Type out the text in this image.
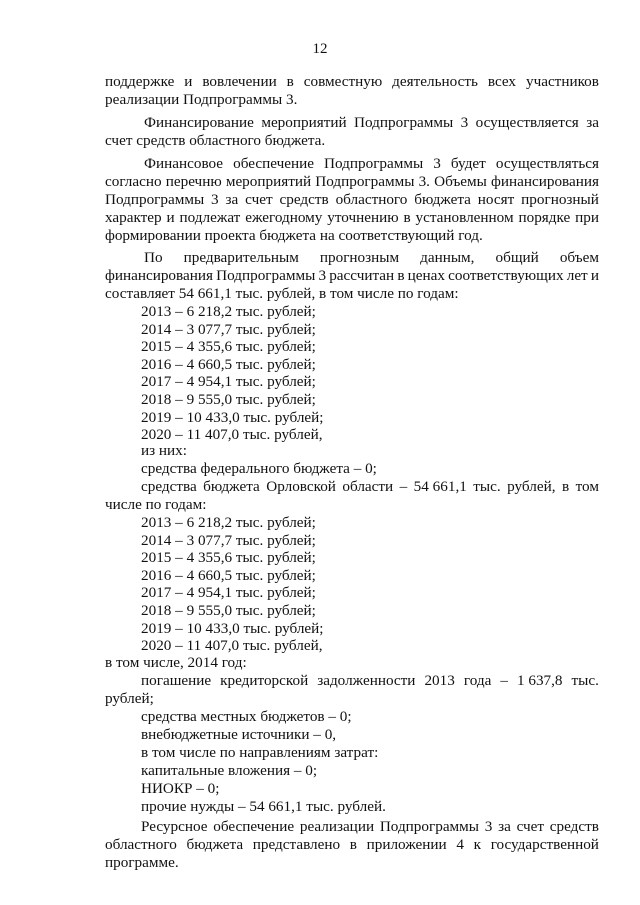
12
поддержке и вовлечении в совместную деятельность всех участников
реализации Подпрограммы 3.
Финансирование мероприятий Подпрограммы 3 осуществляется за
счет средств областного бюджета.
Финансовое обеспечение Подпрограммы 3 будет осуществляться
согласно перечню мероприятий Подпрограммы 3. Объемы финансирования
Подпрограммы 3 за счет средств областного бюджета носят прогнозный
характер и подлежат ежегодному уточнению в установленном порядке при
формировании проекта бюджета на соответствующий год.
По предварительным прогнозным данным, общий объем
финансирования Подпрограммы 3 рассчитан в ценах соответствующих лет и
составляет 54 661,1 тыс. рублей, в том числе по годам:
2013 – 6 218,2 тыс. рублей;
2014 – 3 077,7 тыс. рублей;
2015 – 4 355,6 тыс. рублей;
2016 – 4 660,5 тыс. рублей;
2017 – 4 954,1 тыс. рублей;
2018 – 9 555,0 тыс. рублей;
2019 – 10 433,0 тыс. рублей;
2020 – 11 407,0 тыс. рублей,
из них:
средства федерального бюджета – 0;
средства бюджета Орловской области – 54 661,1 тыс. рублей, в том
числе по годам:
2013 – 6 218,2 тыс. рублей;
2014 – 3 077,7 тыс. рублей;
2015 – 4 355,6 тыс. рублей;
2016 – 4 660,5 тыс. рублей;
2017 – 4 954,1 тыс. рублей;
2018 – 9 555,0 тыс. рублей;
2019 – 10 433,0 тыс. рублей;
2020 – 11 407,0 тыс. рублей,
в том числе, 2014 год:
погашение кредиторской задолженности 2013 года – 1 637,8 тыс.
рублей;
средства местных бюджетов – 0;
внебюджетные источники – 0,
в том числе по направлениям затрат:
капитальные вложения – 0;
НИОКР – 0;
прочие нужды – 54 661,1 тыс. рублей.
Ресурсное обеспечение реализации Подпрограммы 3 за счет средств
областного бюджета представлено в приложении 4 к государственной
программе.
